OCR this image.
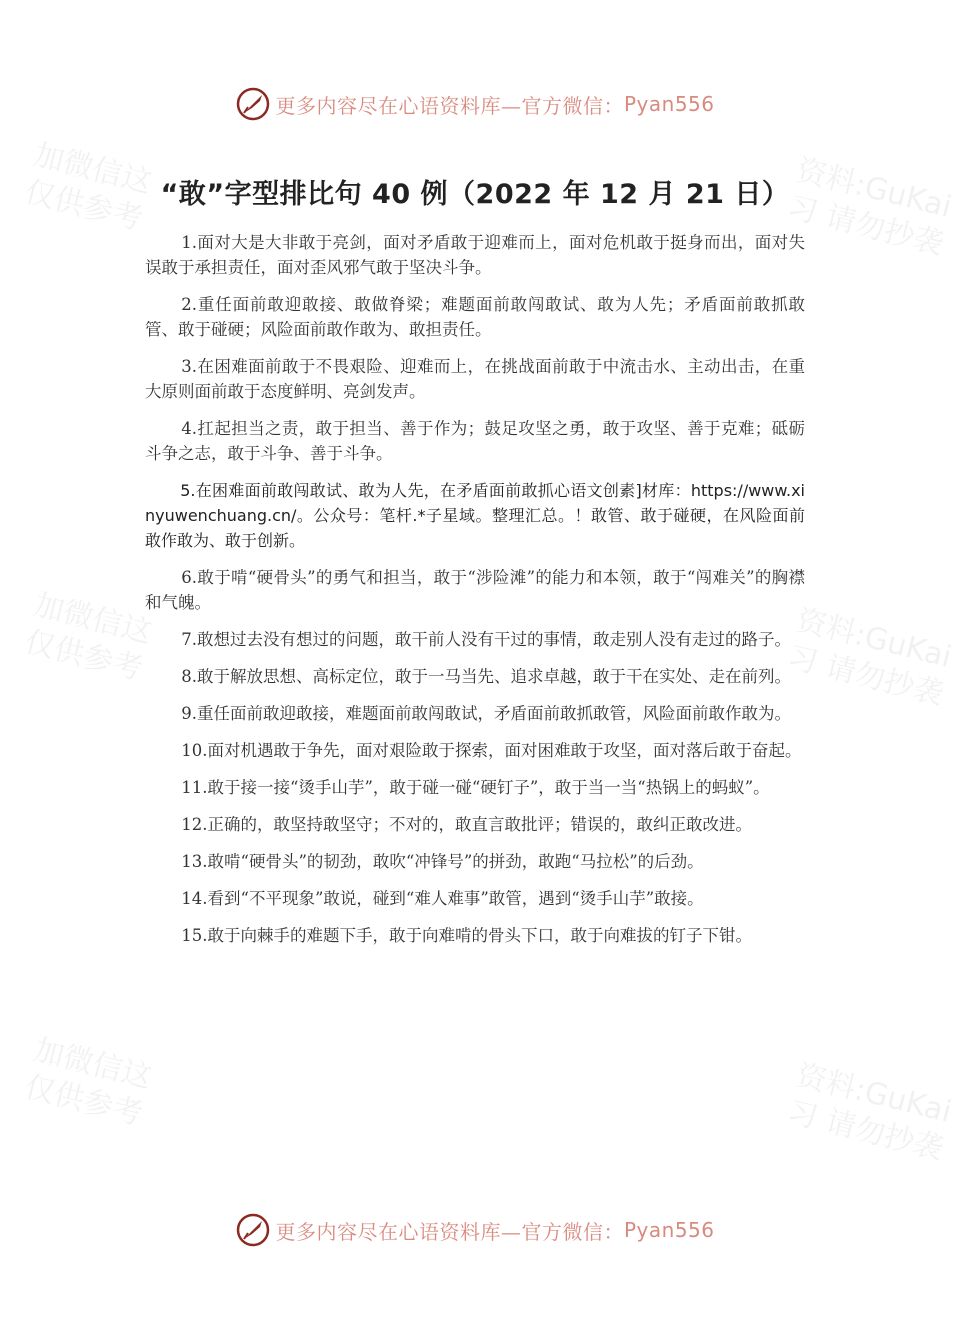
加微信这
仅供参考	资料:GuKai
习 请勿抄袭
加微信这
仅供参考	资料:GuKai
习 请勿抄袭
加微信这
仅供参考	资料:GuKai
习 请勿抄袭
更多内容尽在心语资料库—官方微信： Pyan556
“敢”字型排比句 40 例（2022 年 12 月 21 日）

1.面对大是大非敢于亮剑，面对矛盾敢于迎难而上，面对危机敢于挺身而出，面对失误敢于承担责任，面对歪风邪气敢于坚决斗争。

2.重任面前敢迎敢接、敢做脊梁；难题面前敢闯敢试、敢为人先；矛盾面前敢抓敢管、敢于碰硬；风险面前敢作敢为、敢担责任。

3.在困难面前敢于不畏艰险、迎难而上，在挑战面前敢于中流击水、主动出击，在重大原则面前敢于态度鲜明、亮剑发声。

4.扛起担当之责，敢于担当、善于作为；鼓足攻坚之勇，敢于攻坚、善于克难；砥砺斗争之志，敢于斗争、善于斗争。

5.在困难面前敢闯敢试、敢为人先，在矛盾面前敢抓心语文创素]材库：https://www.xinyuwenchuang.cn/。公众号：笔杆.*子星域。整理汇总。！敢管、敢于碰硬，在风险面前敢作敢为、敢于创新。

6.敢于啃“硬骨头”的勇气和担当，敢于“涉险滩”的能力和本领，敢于“闯难关”的胸襟和气魄。

7.敢想过去没有想过的问题，敢干前人没有干过的事情，敢走别人没有走过的路子。

8.敢于解放思想、高标定位，敢于一马当先、追求卓越，敢于干在实处、走在前列。

9.重任面前敢迎敢接，难题面前敢闯敢试，矛盾面前敢抓敢管，风险面前敢作敢为。

10.面对机遇敢于争先，面对艰险敢于探索，面对困难敢于攻坚，面对落后敢于奋起。

11.敢于接一接“烫手山芋”，敢于碰一碰“硬钉子”，敢于当一当“热锅上的蚂蚁”。

12.正确的，敢坚持敢坚守；不对的，敢直言敢批评；错误的，敢纠正敢改进。

13.敢啃“硬骨头”的韧劲，敢吹“冲锋号”的拼劲，敢跑“马拉松”的后劲。

14.看到“不平现象”敢说，碰到“难人难事”敢管，遇到“烫手山芋”敢接。

15.敢于向棘手的难题下手，敢于向难啃的骨头下口，敢于向难拔的钉子下钳。

更多内容尽在心语资料库—官方微信： Pyan556
